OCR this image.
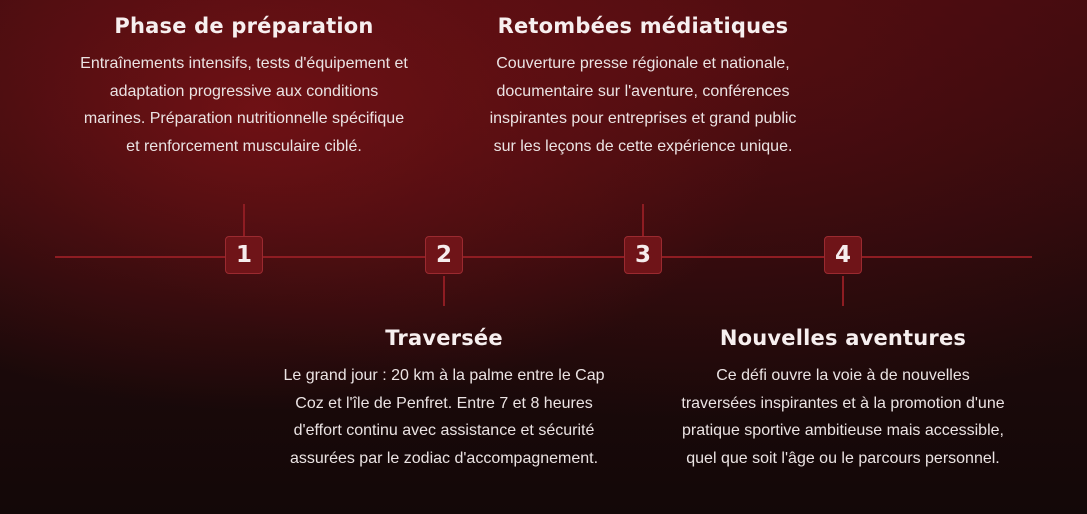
1	2	3	4
Phase de préparation

Entraînements intensifs, tests d'équipement et adaptation progressive aux conditions marines. Préparation nutritionnelle spécifique et renforcement musculaire ciblé.

Retombées médiatiques

Couverture presse régionale et nationale, documentaire sur l'aventure, conférences inspirantes pour entreprises et grand public sur les leçons de cette expérience unique.

Traversée

Le grand jour : 20 km à la palme entre le Cap Coz et l'île de Penfret. Entre 7 et 8 heures d'effort continu avec assistance et sécurité assurées par le zodiac d'accompagnement.

Nouvelles aventures

Ce défi ouvre la voie à de nouvelles traversées inspirantes et à la promotion d'une pratique sportive ambitieuse mais accessible, quel que soit l'âge ou le parcours personnel.
